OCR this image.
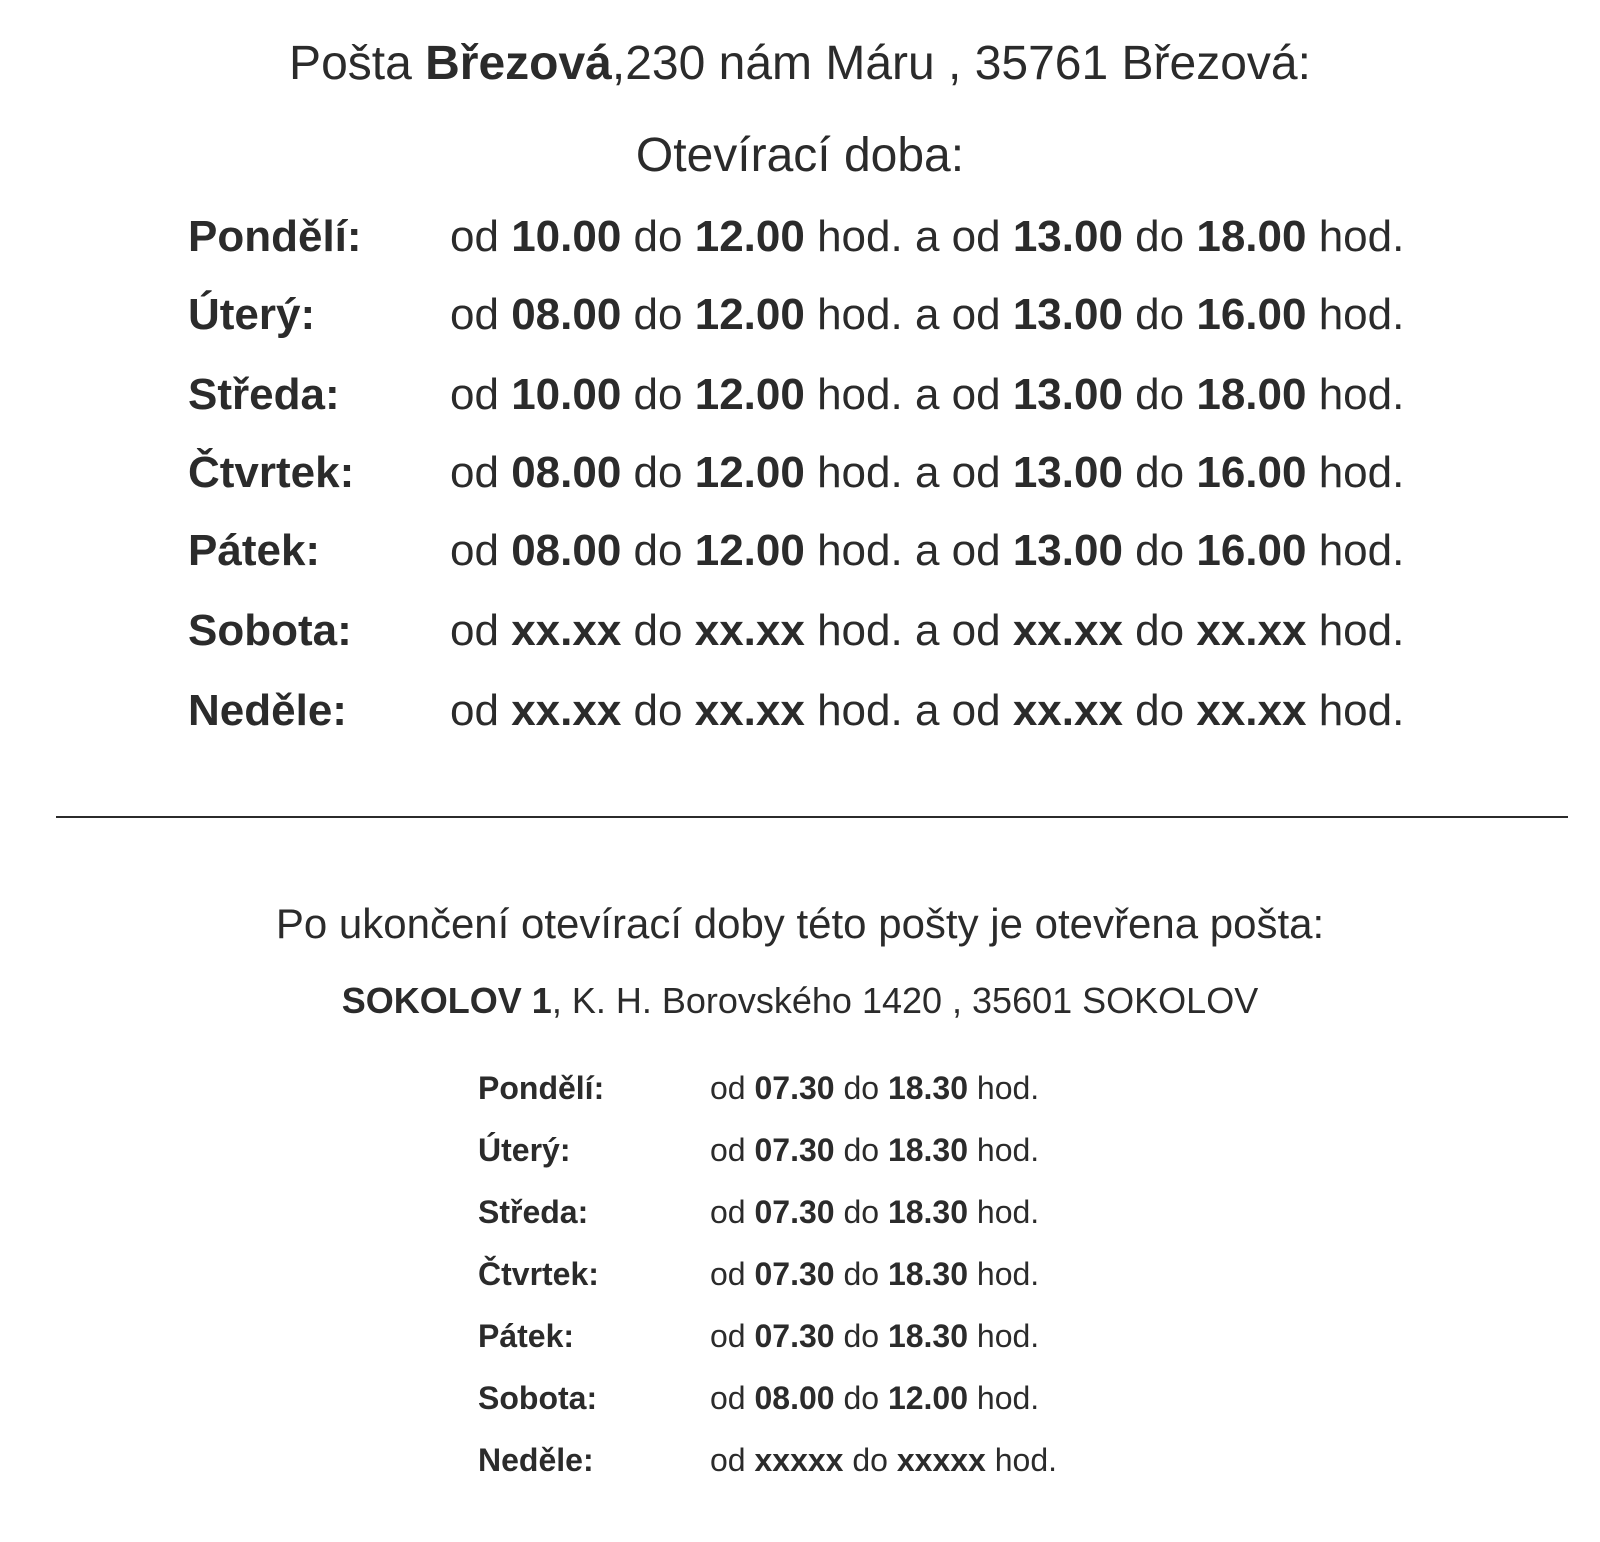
Pošta Březová,230 nám Máru , 35761 Březová:
Otevírací doba:
Pondělí: od 10.00 do 12.00 hod. a od 13.00 do 18.00 hod.
Úterý:	od 08.00 do 12.00 hod. a od 13.00 do 16.00 hod.
Středa:	od 10.00 do 12.00 hod. a od 13.00 do 18.00 hod.
Čtvrtek: od 08.00 do 12.00 hod. a od 13.00 do 16.00 hod.
Pátek:	od 08.00 do 12.00 hod. a od 13.00 do 16.00 hod.
Sobota: od xx.xx do xx.xx hod. a od xx.xx do xx.xx hod.
Neděle: od xx.xx do xx.xx hod. a od xx.xx do xx.xx hod.
Po ukončení otevírací doby této pošty je otevřena pošta:
SOKOLOV 1, K. H. Borovského 1420 , 35601 SOKOLOV
Pondělí:	od 07.30 do 18.30 hod.
Úterý:	od 07.30 do 18.30 hod.
Středa:	od 07.30 do 18.30 hod.
Čtvrtek:	od 07.30 do 18.30 hod.
Pátek:	od 07.30 do 18.30 hod.
Sobota:	od 08.00 do 12.00 hod.
Neděle:	od xxxxx do xxxxx hod.
